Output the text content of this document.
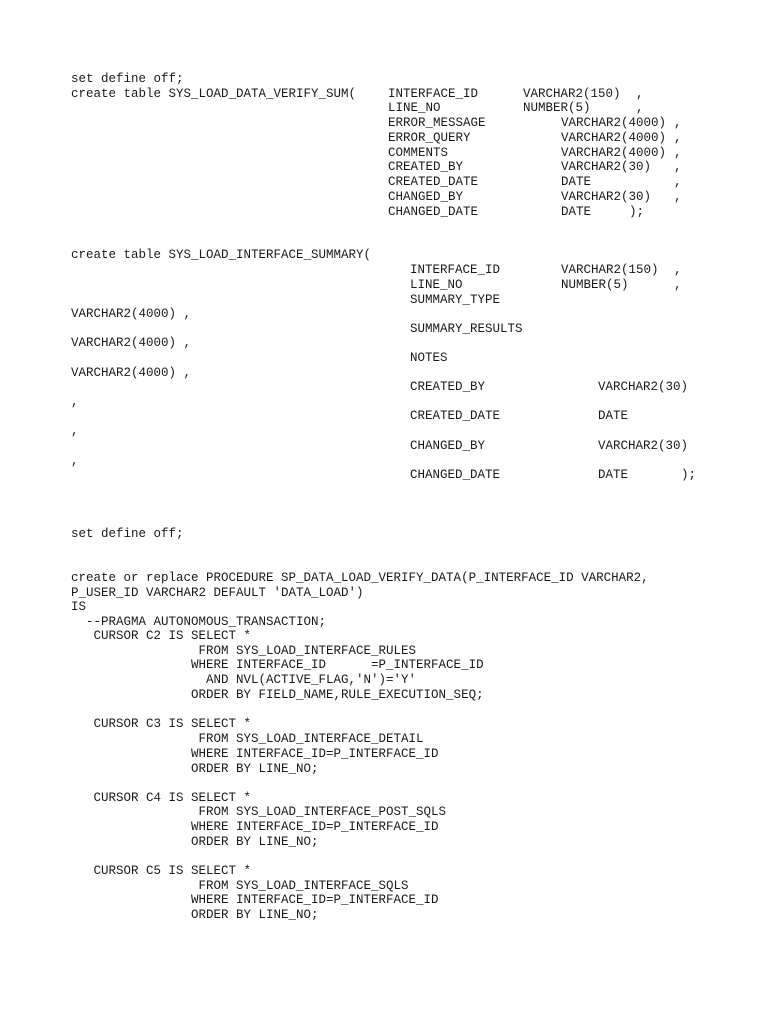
set define off;

create table SYS_LOAD_DATA_VERIFY_SUM(	INTERFACE_ID	VARCHAR2(150) ,

LINE_NO	NUMBER(5)	,

ERROR_MESSAGE	VARCHAR2(4000) ,

ERROR_QUERY	VARCHAR2(4000) ,

COMMENTS	VARCHAR2(4000) ,

CREATED_BY	VARCHAR2(30) ,

CREATED_DATE	DATE	,

CHANGED_BY	VARCHAR2(30) ,

CHANGED_DATE	DATE	);

create table SYS_LOAD_INTERFACE_SUMMARY(

INTERFACE_ID	VARCHAR2(150) ,

LINE_NO	NUMBER(5)	,

SUMMARY_TYPE

VARCHAR2(4000) ,

SUMMARY_RESULTS

VARCHAR2(4000) ,

NOTES

VARCHAR2(4000) ,

CREATED_BY	VARCHAR2(30)

,

CREATED_DATE	DATE

,

CHANGED_BY	VARCHAR2(30)

,

CHANGED_DATE	DATE	);

set define off;

create or replace PROCEDURE SP_DATA_LOAD_VERIFY_DATA(P_INTERFACE_ID VARCHAR2,

P_USER_ID VARCHAR2 DEFAULT 'DATA_LOAD')

IS

--PRAGMA AUTONOMOUS_TRANSACTION;

CURSOR C2 IS SELECT *

FROM SYS_LOAD_INTERFACE_RULES

WHERE INTERFACE_ID      =P_INTERFACE_ID

AND NVL(ACTIVE_FLAG,'N')='Y'

ORDER BY FIELD_NAME,RULE_EXECUTION_SEQ;

CURSOR C3 IS SELECT *

FROM SYS_LOAD_INTERFACE_DETAIL

WHERE INTERFACE_ID=P_INTERFACE_ID

ORDER BY LINE_NO;

CURSOR C4 IS SELECT *

FROM SYS_LOAD_INTERFACE_POST_SQLS

WHERE INTERFACE_ID=P_INTERFACE_ID

ORDER BY LINE_NO;

CURSOR C5 IS SELECT *

FROM SYS_LOAD_INTERFACE_SQLS

WHERE INTERFACE_ID=P_INTERFACE_ID

ORDER BY LINE_NO;
